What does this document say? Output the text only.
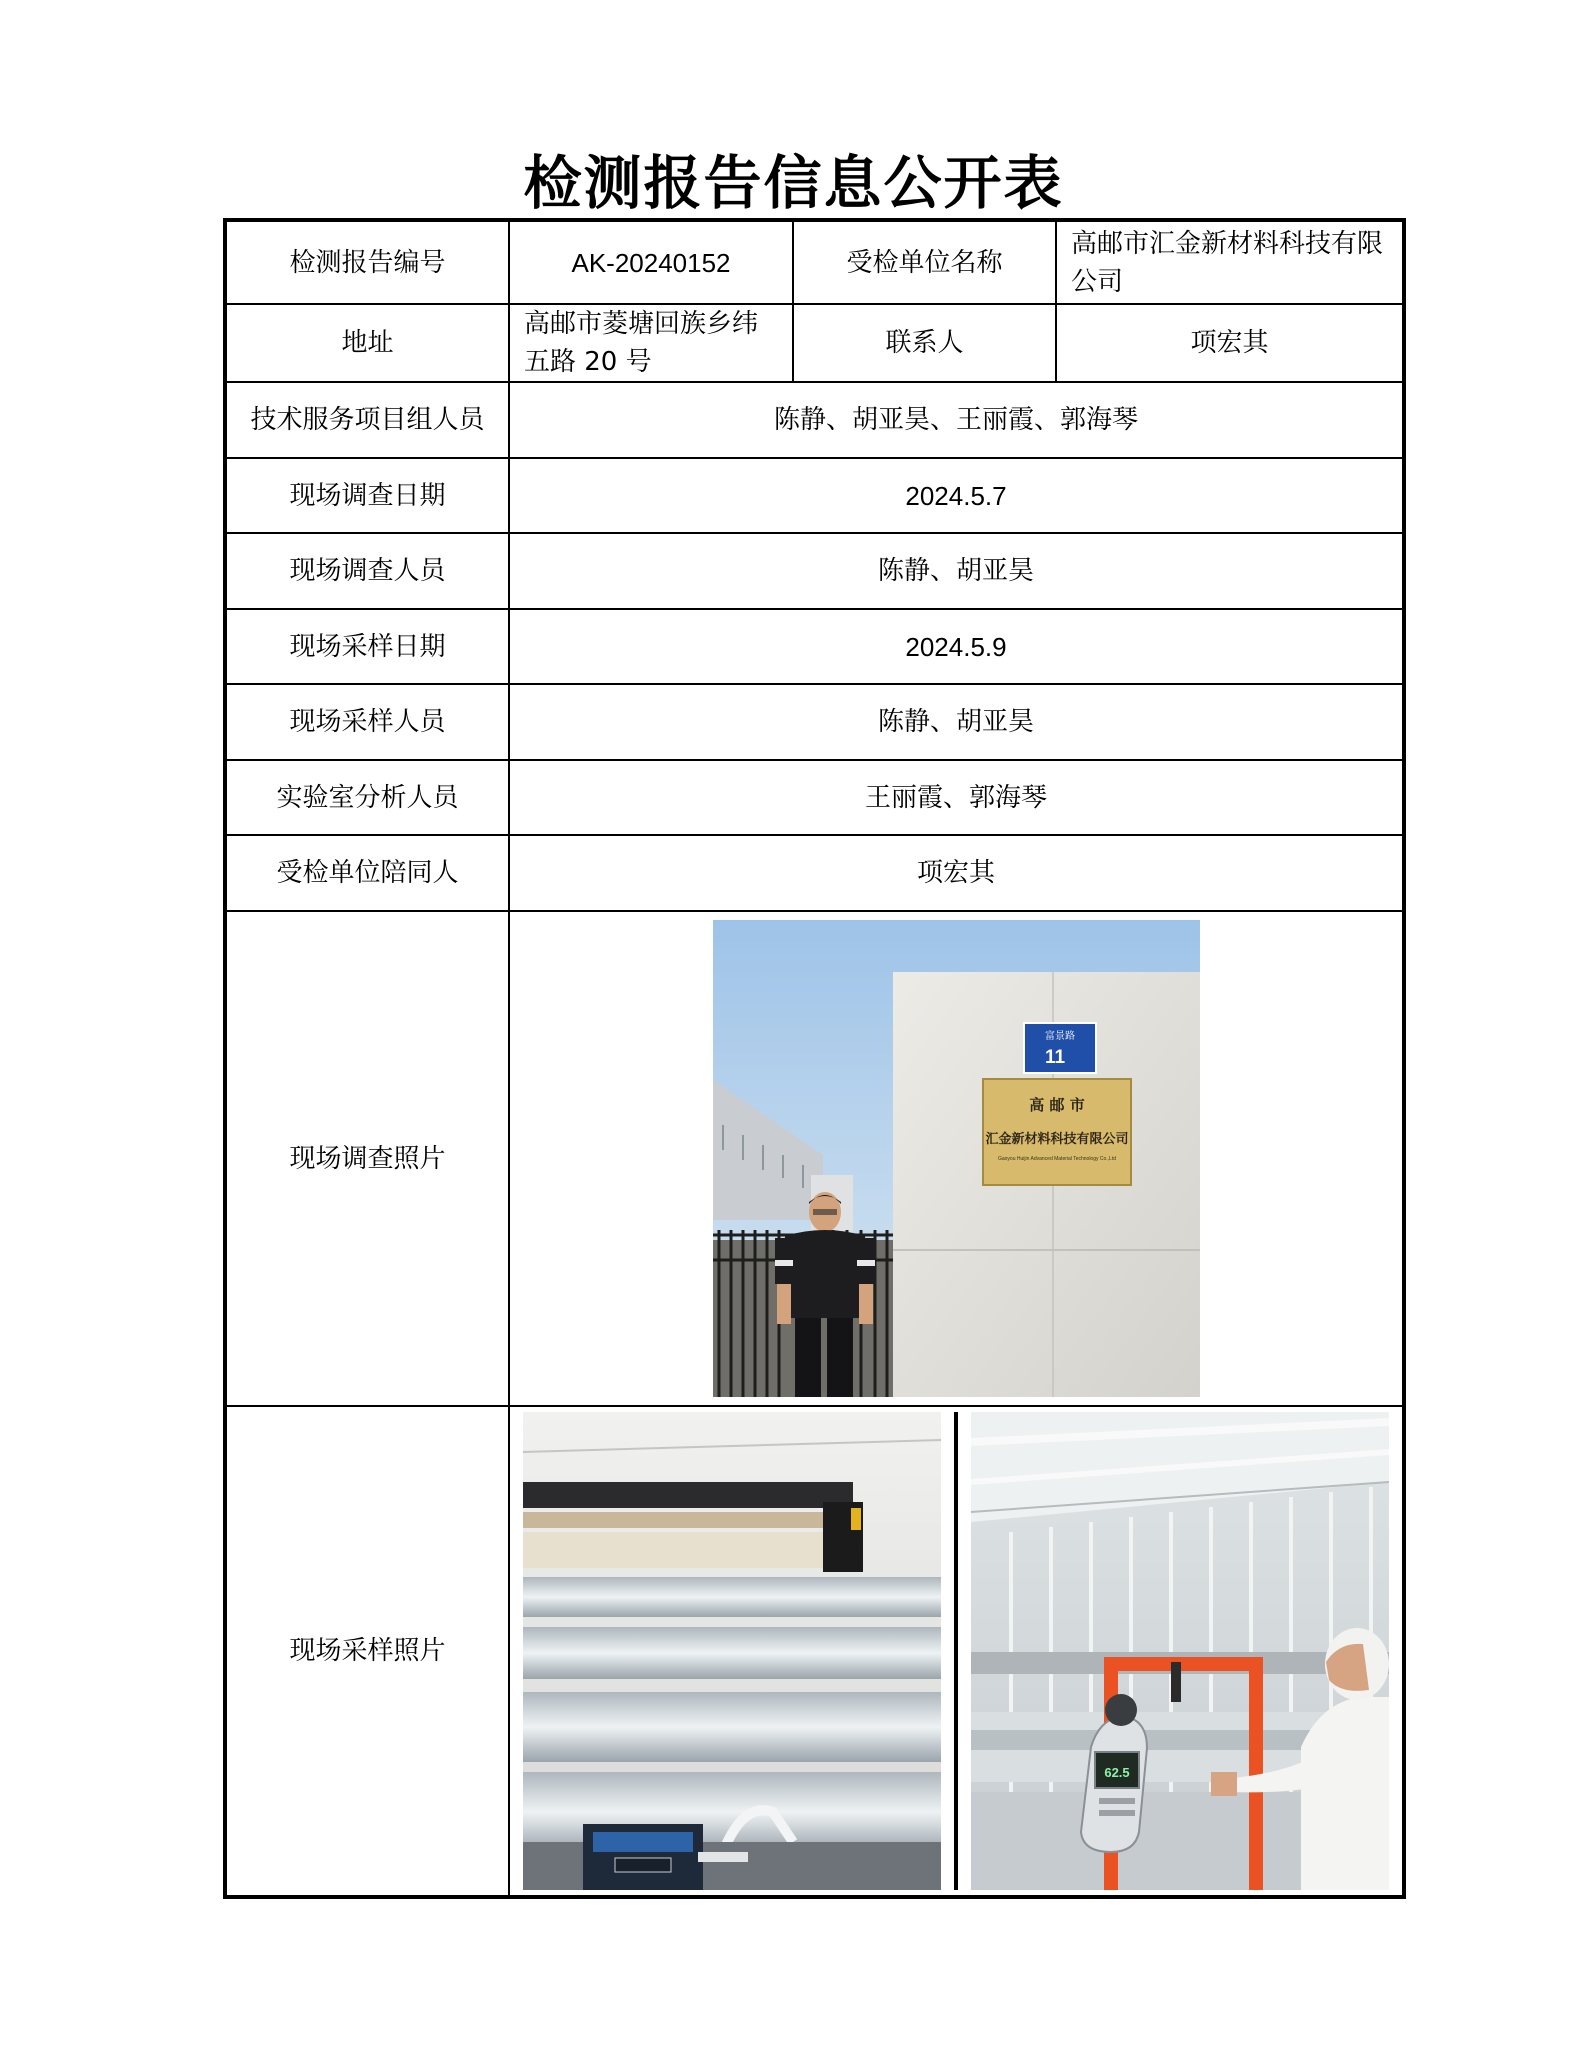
检测报告信息公开表
检测报告编号	AK-20240152	受检单位名称	高邮市汇金新材料科技有限公司
地址	高邮市菱塘回族乡纬五路 20 号	联系人	项宏其
技术服务项目组人员	陈静、胡亚昊、王丽霞、郭海琴		
现场调查日期	2024.5.7		
现场调查人员	陈静、胡亚昊		
现场采样日期	2024.5.9		
现场采样人员	陈静、胡亚昊		
实验室分析人员	王丽霞、郭海琴		
受检单位陪同人	项宏其		
现场调查照片	富景路
11
高 邮 市
汇金新材料科技有限公司
Gaoyou Huijin Advanced Material Technology Co.,Ltd		

现场采样照片	62.5		
